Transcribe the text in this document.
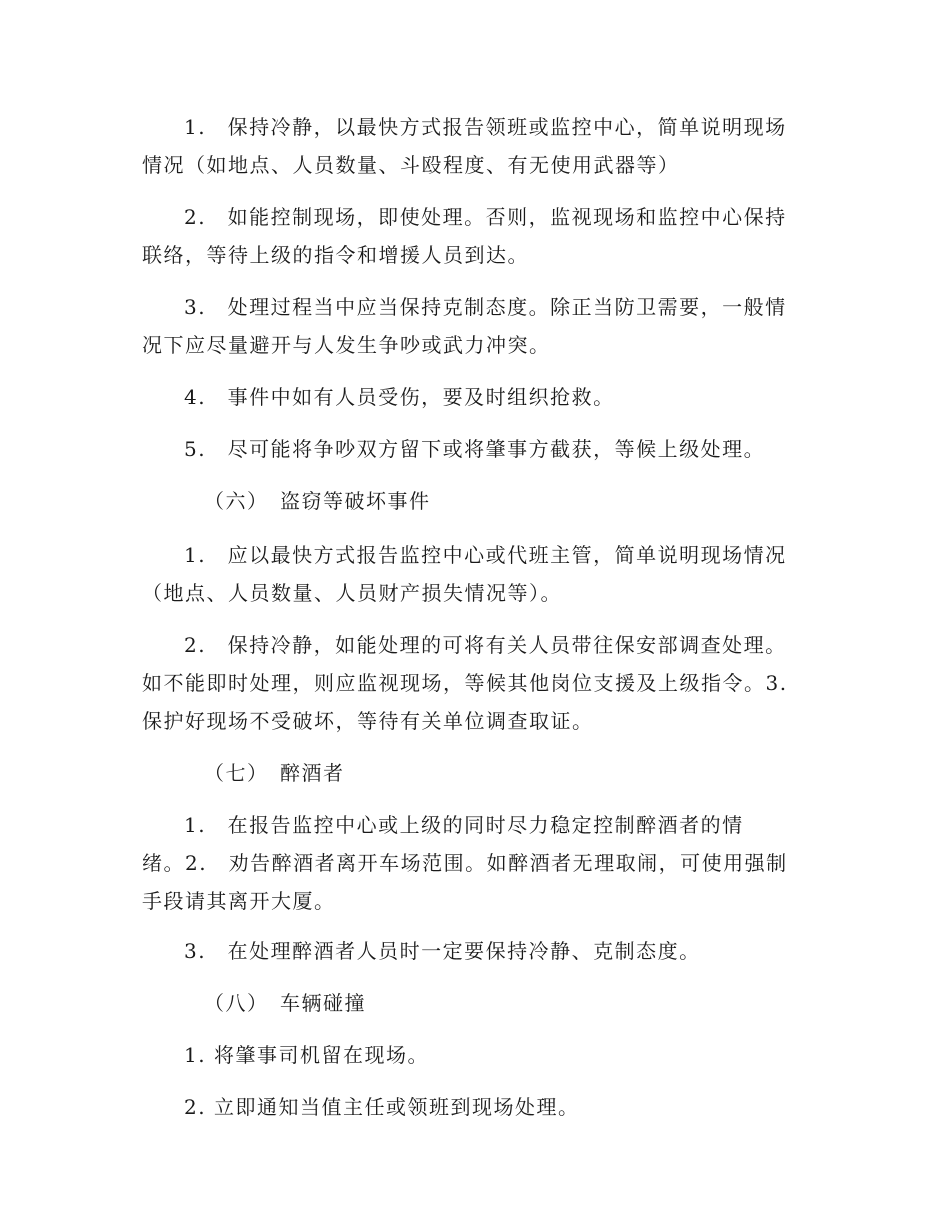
1.　保持冷静，以最快方式报告领班或监控中心，简单说明现场

情况（如地点、人员数量、斗殴程度、有无使用武器等）

2.　如能控制现场，即使处理。否则，监视现场和监控中心保持

联络，等待上级的指令和增援人员到达。

3.　处理过程当中应当保持克制态度。除正当防卫需要，一般情

况下应尽量避开与人发生争吵或武力冲突。

4.　事件中如有人员受伤，要及时组织抢救。

5.　尽可能将争吵双方留下或将肇事方截获，等候上级处理。

（六）　盗窃等破坏事件

1.　应以最快方式报告监控中心或代班主管，简单说明现场情况

（地点、人员数量、人员财产损失情况等）。

2.　保持冷静，如能处理的可将有关人员带往保安部调查处理。

如不能即时处理，则应监视现场，等候其他岗位支援及上级指令。3.

保护好现场不受破坏，等待有关单位调查取证。

（七）　醉酒者

1.　在报告监控中心或上级的同时尽力稳定控制醉酒者的情

绪。2.　劝告醉酒者离开车场范围。如醉酒者无理取闹，可使用强制

手段请其离开大厦。

3.　在处理醉酒者人员时一定要保持冷静、克制态度。

（八）　车辆碰撞

1. 将肇事司机留在现场。

2. 立即通知当值主任或领班到现场处理。
